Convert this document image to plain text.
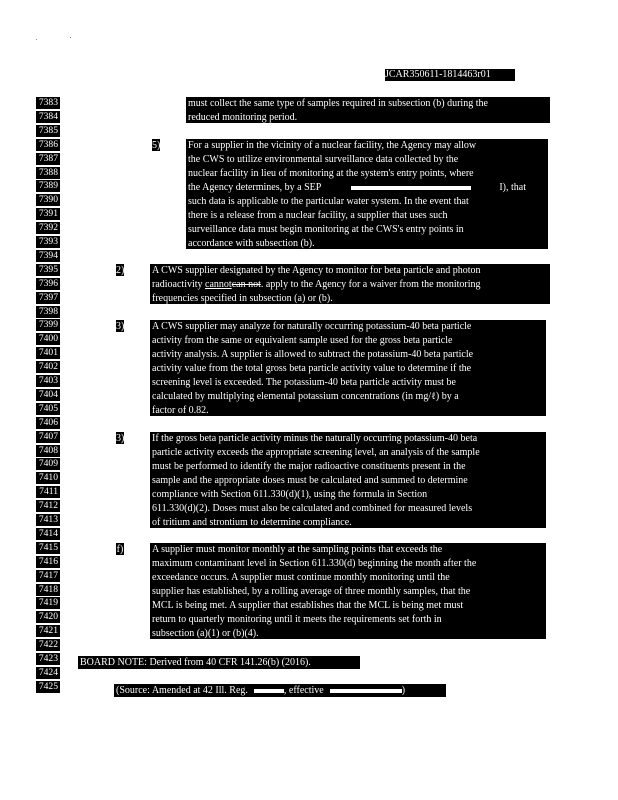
JCAR350611-1814463r01
7383
7384
7385
7386
7387
7388
7389
7390
7391
7392
7393
7394
7395
7396
7397
7398
7399
7400
7401
7402
7403
7404
7405
7406
7407
7408
7409
7410
7411
7412
7413
7414
7415
7416
7417
7418
7419
7420
7421
7422
7423
7424
7425

must collect the same type of samples required in subsection (b) during the

reduced monitoring period.

5)	For a supplier in the vicinity of a nuclear facility, the Agency may allow

the CWS to utilize environmental surveillance data collected by the

nuclear facility in lieu of monitoring at the system's entry points, where

the Agency determines, by a SEP	I), that

such data is applicable to the particular water system. In the event that

there is a release from a nuclear facility, a supplier that uses such

surveillance data must begin monitoring at the CWS's entry points in

accordance with subsection (b).

2)	A CWS supplier designated by the Agency to monitor for beta particle and photon

radioactivity cannotcan not. apply to the Agency for a waiver from the monitoring

frequencies specified in subsection (a) or (b).

3)	A CWS supplier may analyze for naturally occurring potassium-40 beta particle

activity from the same or equivalent sample used for the gross beta particle

activity analysis. A supplier is allowed to subtract the potassium-40 beta particle

activity value from the total gross beta particle activity value to determine if the

screening level is exceeded. The potassium-40 beta particle activity must be

calculated by multiplying elemental potassium concentrations (in mg/ℓ) by a

factor of 0.82.

3)	If the gross beta particle activity minus the naturally occurring potassium-40 beta

particle activity exceeds the appropriate screening level, an analysis of the sample

must be performed to identify the major radioactive constituents present in the

sample and the appropriate doses must be calculated and summed to determine

compliance with Section 611.330(d)(1), using the formula in Section

611.330(d)(2). Doses must also be calculated and combined for measured levels

of tritium and strontium to determine compliance.

f)	A supplier must monitor monthly at the sampling points that exceeds the

maximum contaminant level in Section 611.330(d) beginning the month after the

exceedance occurs. A supplier must continue monthly monitoring until the

supplier has established, by a rolling average of three monthly samples, that the

MCL is being met. A supplier that establishes that the MCL is being met must

return to quarterly monitoring until it meets the requirements set forth in

subsection (a)(1) or (b)(4).

BOARD NOTE: Derived from 40 CFR 141.26(b) (2016).
(Source: Amended at 42 Ill. Reg.	, effective	)
